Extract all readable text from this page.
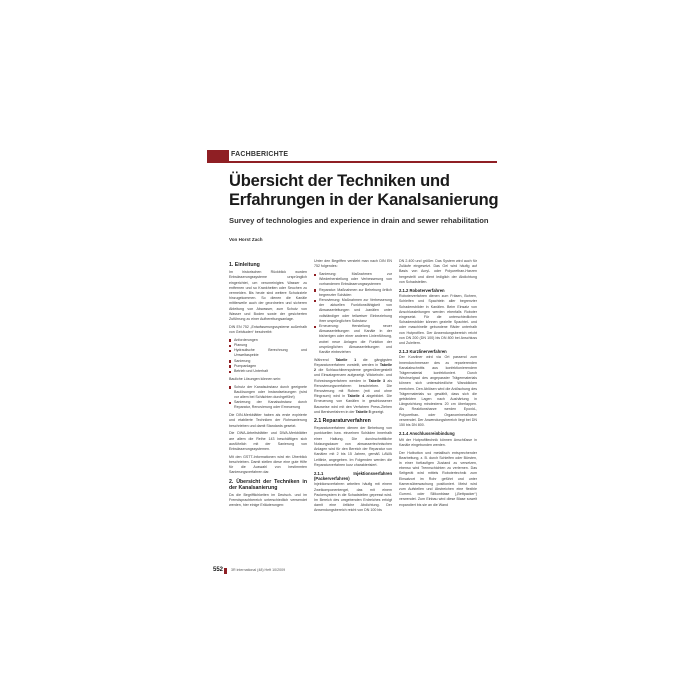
FACHBERICHTE
Übersicht der Techniken und Erfahrungen in der Kanalsanierung
Survey of technologies and experience in drain and sewer rehabilitation
Von Horst Zach
1. Einleitung
Im historischen Rückblick wurden Entwässerungssysteme ursprünglich eingerichtet, um verunreinigtes Wasser zu entfernen und so Krankheiten oder Seuchen zu vermeiden. Bis heute sind weitere Schutzziele hinzugekommen. So dienen die Kanäle mittlerweile auch der geordneten und sicheren Ableitung von Abwasser, zum Schutz von Wasser und Boden sowie der gesicherten Zuführung zu einer Aufbereitungsanlage.
DIN EN 752 „Entwässerungssysteme außerhalb von Gebäuden“ beschreibt:
Anforderungen
Planung
Hydraulische Berechnung und Umweltaspekte
Sanierung
Pumpanlagen
Betrieb und Unterhalt
Bauliche Lösungen können sein:
Schutz der Kanalsubstanz durch geeignete Baulösungen oder Instandsetzungen (wird vor allem bei Schächten durchgeführt)
Sanierung der Kanalsubstanz durch Reparatur, Renovierung oder Erneuerung
Die DIN-Merkblätter haben als erste expirierte und etablierte Techniken der Rohrsanierung beschrieben und damit Standards gesetzt.
Die DWA-Arbeitsblätter und DWA-Merkblätter are allem die Reihe 143 beschäftigen sich ausführlich mit der Sanierung von Entwässerungssystemen.
Mit den GSTT-Informationen wird ein Überblick beschrieben. Damit stellen diese eine gute Hilfe für die Auswahl von bestimmten Sanierungsverfahren dar.
2. Übersicht der Techniken in der Kanalsanierung
Da die Begrifflichkeiten im Deutsch- und im Fremdsprachbereich unterschiedlich verwendet werden, hier einige Erläuterungen:
Unter den Begriffen versteht man nach DIN EN 752 folgendes:
Sanierung: Maßnahmen zur Wiederherstellung oder Verbesserung von vorhandenen Entwässerungssystemen
Reparatur: Maßnahmen zur Behebung örtlich begrenzter Schäden
Renovierung: Maßnahmen zur Verbesserung der aktuellen Funktionsfähigkeit von Abwasserleitungen und -kanälen unter vollständiger oder teilweiser Einbeziehung ihrer ursprünglichen Substanz
Erneuerung: Herstellung neuer Abwasserleitungen und Kanäle in der bisherigen oder einer anderen Linienführung, wobei neue Anlagen die Funktion der ursprünglichen Abwasserleitungen und Kanäle einbeziehen
Während Tabelle 1 die gängigsten Reparaturverfahren vorstellt, werden in Tabelle 2 die Schlauchlinersysteme gegenübergestellt und Einsatzgrenzen aufgezeigt. Wickelrohr- und Rohrstrangverfahren werden in Tabelle 3 als Renovierungsverfahren beschrieben. Die Renovierung mit Rohren (mit und ohne Ringraum) wird in Tabelle 4 abgebildet. Die Erneuerung von Kanälen in geschlossener Bauweise wird mit den Verfahren Press-Ziehen und Berstverfahren in der Tabelle 5 gezeigt.
2.1 Reparaturverfahren
Reparaturverfahren dienen der Behebung von punktuellen bzw. einzelnen Schäden innerhalb einer Haltung. Die durchschnittliche Nutzungsdauer von abwassertechnischen Anlagen wird für den Bereich der Reparatur von Kanälen mit 2 bis 15 Jahren, gemäß LAWA Leitlinie, angegeben. Im Folgenden werden die Reparaturverfahren kurz charakterisiert.
2.1.1 Injektionsverfahren (Packerverfahren)
Injektionsverfahren arbeiten häufig mit einem Zweikomponentengel, das mit einem Packersystem in die Schadstellen gepresst wird. Im Bereich des umgebenden Erdreiches erfolgt damit eine örtliche Abdichtung. Der Anwendungsbereich reicht von DN 100 bis
DN 2.400 und größer. Das System wird auch für Zuläufe eingesetzt. Das Gel wird häufig auf Basis von Acryl- oder Polyurethan-Harzen hergestellt und dient lediglich der Abdichtung von Schadstellen.
2.1.2 Roboterverfahren
Roboterverfahren dienen zum Fräsen, Bohren, Schleifen und Spachteln aller begrenzter Schadensbilder in Kanälen. Beim Einsatz von Anschlussleitungen werden ebenfalls Roboter eingesetzt. Für die unterschiedlichen Schadensbilder können gezielte Spachtel- und oder maschinelle gebundene Räder unterhalb von Hutprofilen. Der Anwendungsbereich reicht von DN 200 (DN 100) bis DN 800 bei Anschluss und Zuleitern.
2.1.3 Kurzlinerverfahren
Der Kurzliner wird via Ort passend zum Innendurchmesser des zu reparierenden Kanalabschnitts aus konfektionierendem Trägermaterial konfektioniert. Durch Wechselgrad des angepasster Trägermaterials können sich unterschiedliche Wanddicken erreichen. Den Ablösen wird die Anlöschung des Trägermaterials so gewählt, dass sich die getränkten Lagen nach Aushärtung in Längsrichtung mindestens 20 cm überlappen. Als Reaktionsharze werden Epoxid-, Polyurethan- oder Organomineralharze verwendet. Der Anwendungsbereich liegt bei DN 150 bis DN 800.
2.1.4 Anschlussreinbindung
Mit der Hutprofiltechnik können Anschlüsse in Kanäle eingebunden werden.
Der Hutbutton und metallisch entsprechender Bearbeitung, z. B. durch Schleifen oder Bürsten, in einer fortlaufigen Zustand zu versetzen, ebenso wird Trennschichten zu verlernen. Das Seitgerät wird mittels Robotertechnik zum Einsatzort im Rohr geführt und unter Kameraüberwachung positioniert. Meist wird zum Aufstellen und Abstreichen eine flexible Gummi- oder Silikonblase („Bettpacker“) verwendet. Zum Einbau wird diese Blase soweit expandiert bis sie an die Wand
552 3R international (48) Heft 10/2009
